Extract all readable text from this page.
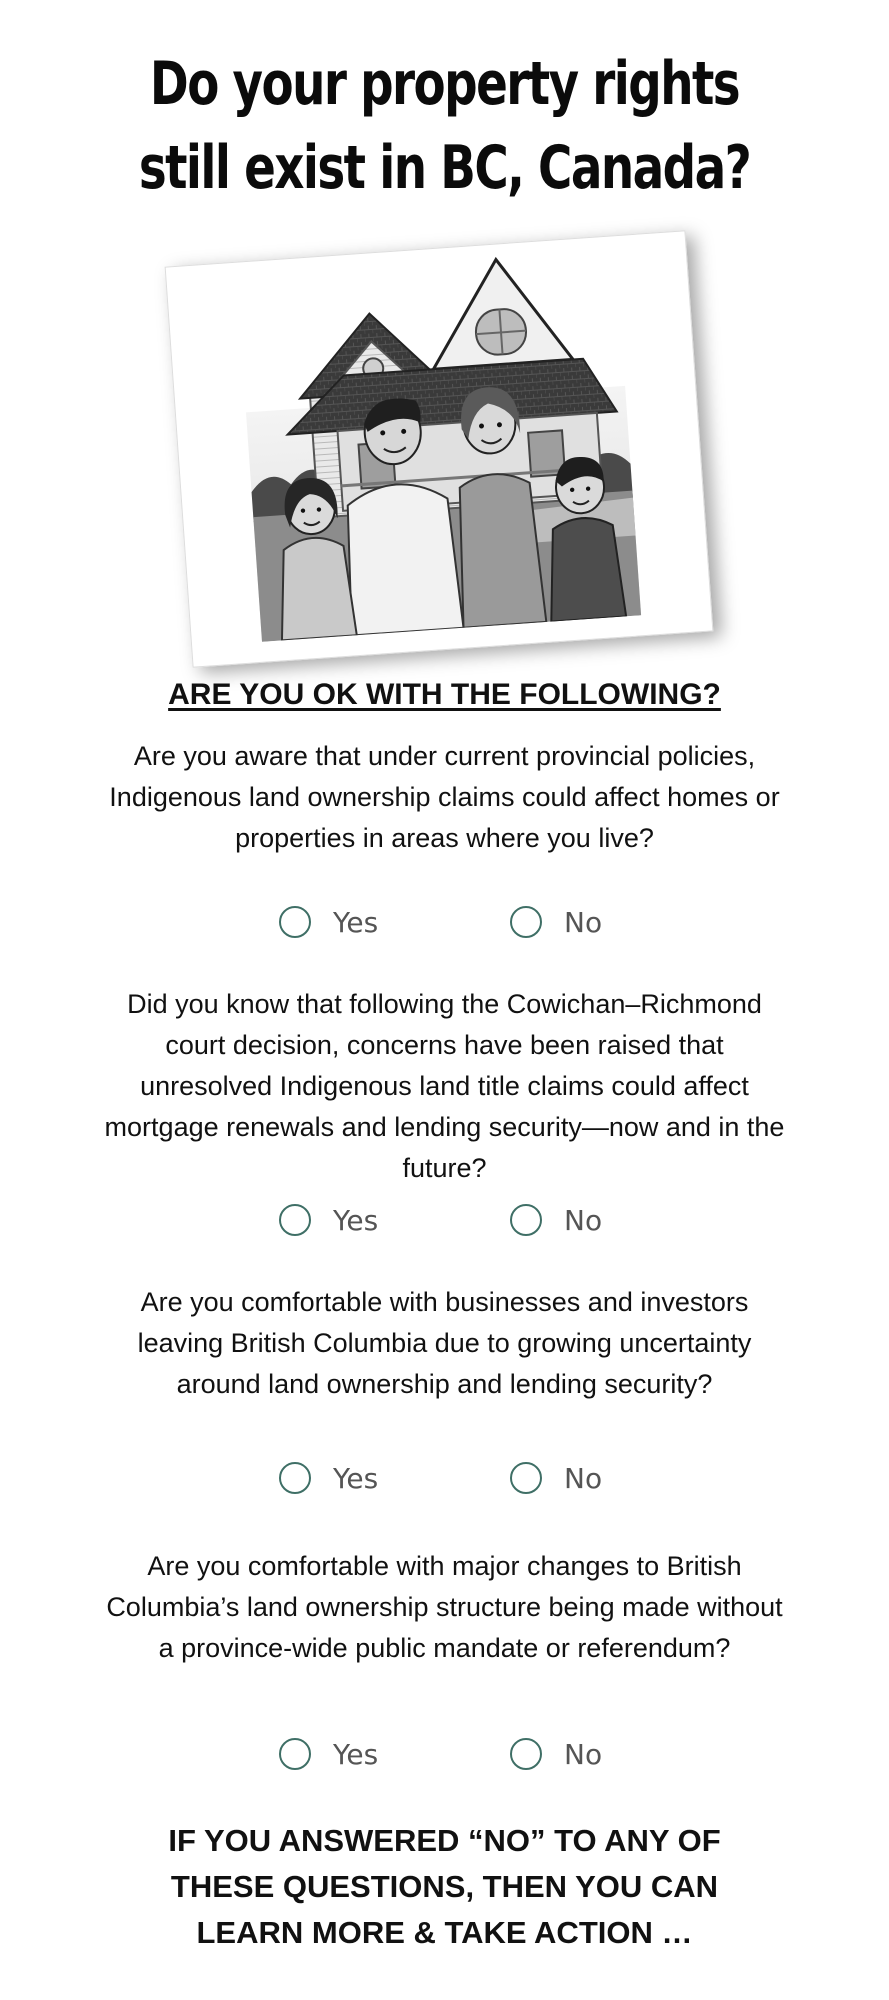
Do your property rights
still exist in BC, Canada?
ARE YOU OK WITH THE FOLLOWING?
Are you aware that under current provincial policies, Indigenous land ownership claims could affect homes or properties in areas where you live?
Yes	No
Did you know that following the Cowichan–Richmond court decision, concerns have been raised that unresolved Indigenous land title claims could affect mortgage renewals and lending security—now and in the future?
Yes	No
Are you comfortable with businesses and investors leaving British Columbia due to growing uncertainty around land ownership and lending security?
Yes	No
Are you comfortable with major changes to British Columbia’s land ownership structure being made without a province-wide public mandate or referendum?
Yes	No
IF YOU ANSWERED “NO” TO ANY OF THESE QUESTIONS, THEN YOU CAN LEARN MORE & TAKE ACTION …
